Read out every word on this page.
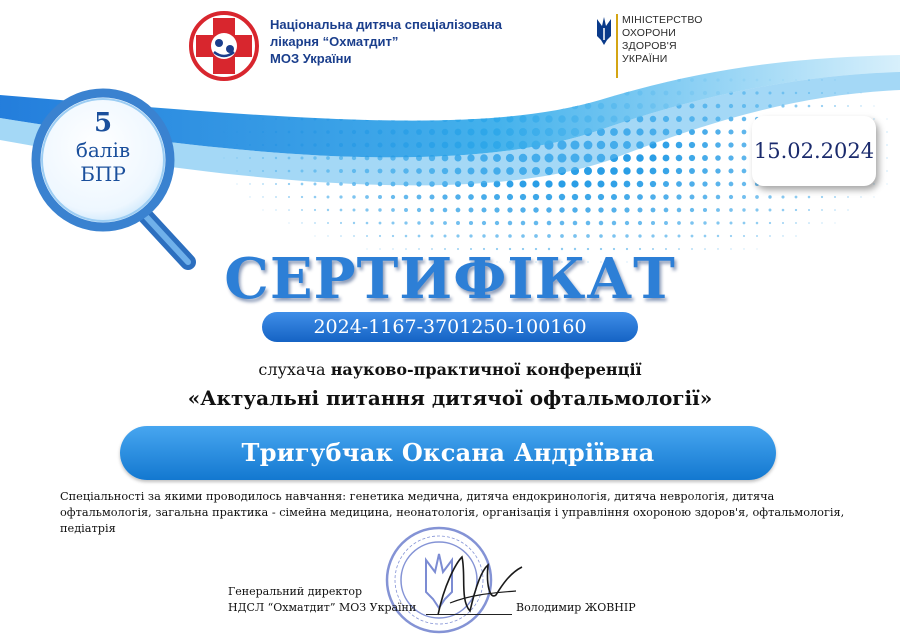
Національна дитяча спеціалізована
лікарня “Охматдит”
МОЗ України
МІНІСТЕРСТВО
ОХОРОНИ
ЗДОРОВ'Я
УКРАЇНИ
5
балів
БПР
15.02.2024
СЕРТИФІКАТ
2024-1167-3701250-100160
слухача науково-практичної конференції
«Актуальні питання дитячої офтальмології»
Тригубчак Оксана Андріївна
Спеціальності за якими проводилось навчання: генетика медична, дитяча ендокринологія, дитяча неврологія, дитяча офтальмологія, загальна практика - сімейна медицина, неонатологія, організація і управління охороною здоров'я, офтальмологія, педіатрія
Генеральний директор
НДСЛ “Охматдит” МОЗ України	Володимир ЖОВНІР
